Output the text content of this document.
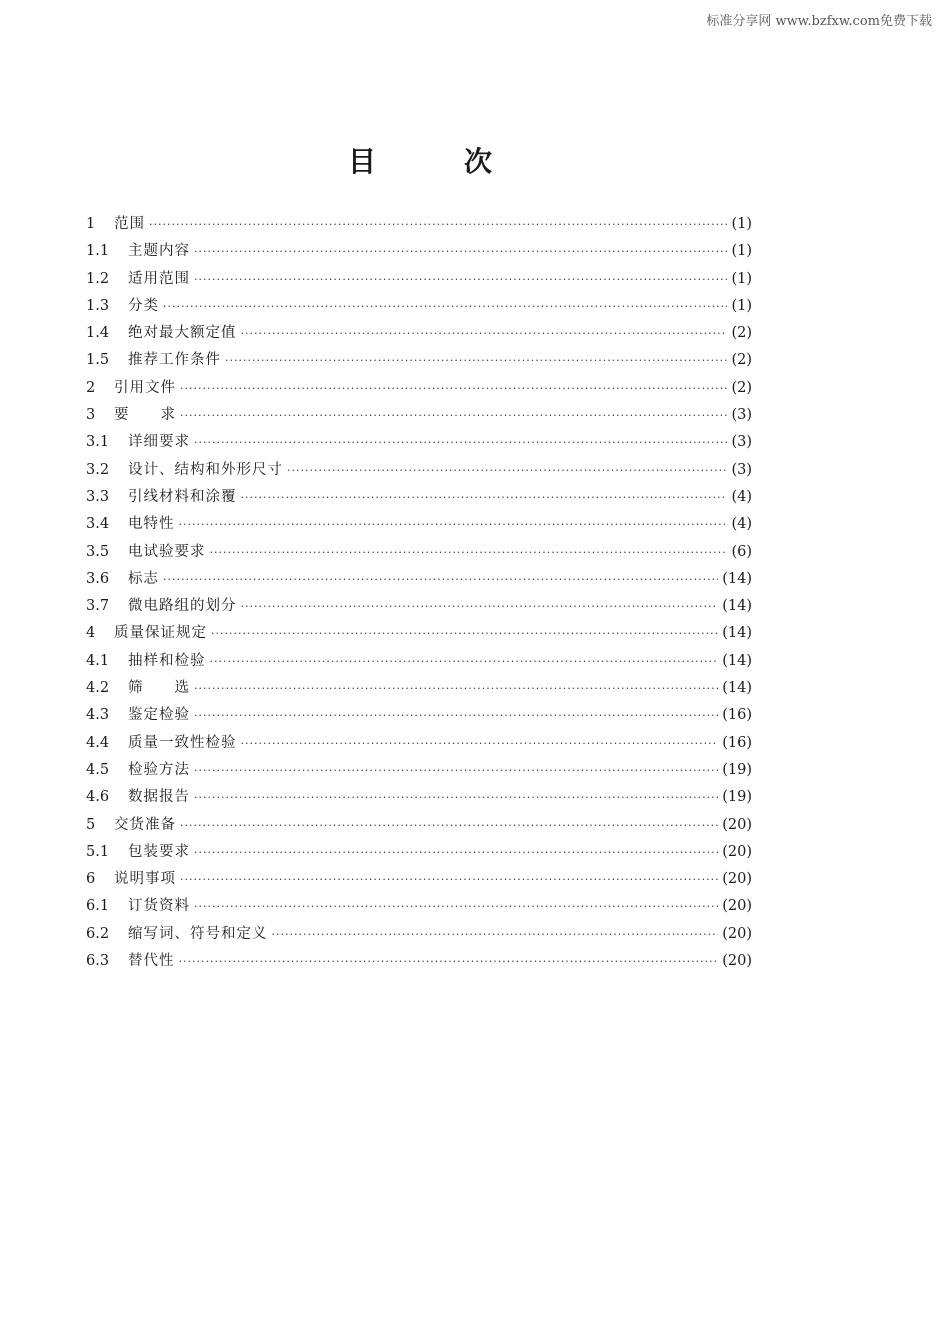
标准分享网 www.bzfxw.com免费下载
目	次
1	范围 ·····	(1)
1.1	主题内容 ·····	(1)
1.2	适用范围 ·····	(1)
1.3	分类 ·····	(1)
1.4	绝对最大额定值 ·····	(2)
1.5	推荐工作条件 ·····	(2)
2	引用文件 ·····	(2)
3	要　　求 ·····	(3)
3.1	详细要求 ·····	(3)
3.2	设计、结构和外形尺寸 ·····	(3)
3.3	引线材料和涂覆 ·····	(4)
3.4	电特性 ·····	(4)
3.5	电试验要求 ·····	(6)
3.6	标志 ·····	(14)
3.7	微电路组的划分 ·····	(14)
4	质量保证规定 ·····	(14)
4.1	抽样和检验 ·····	(14)
4.2	筛　　选 ·····	(14)
4.3	鉴定检验 ·····	(16)
4.4	质量一致性检验 ·····	(16)
4.5	检验方法 ·····	(19)
4.6	数据报告 ·····	(19)
5	交货准备 ·····	(20)
5.1	包装要求 ·····	(20)
6	说明事项 ·····	(20)
6.1	订货资料 ·····	(20)
6.2	缩写词、符号和定义 ·····	(20)
6.3	替代性 ·····	(20)
